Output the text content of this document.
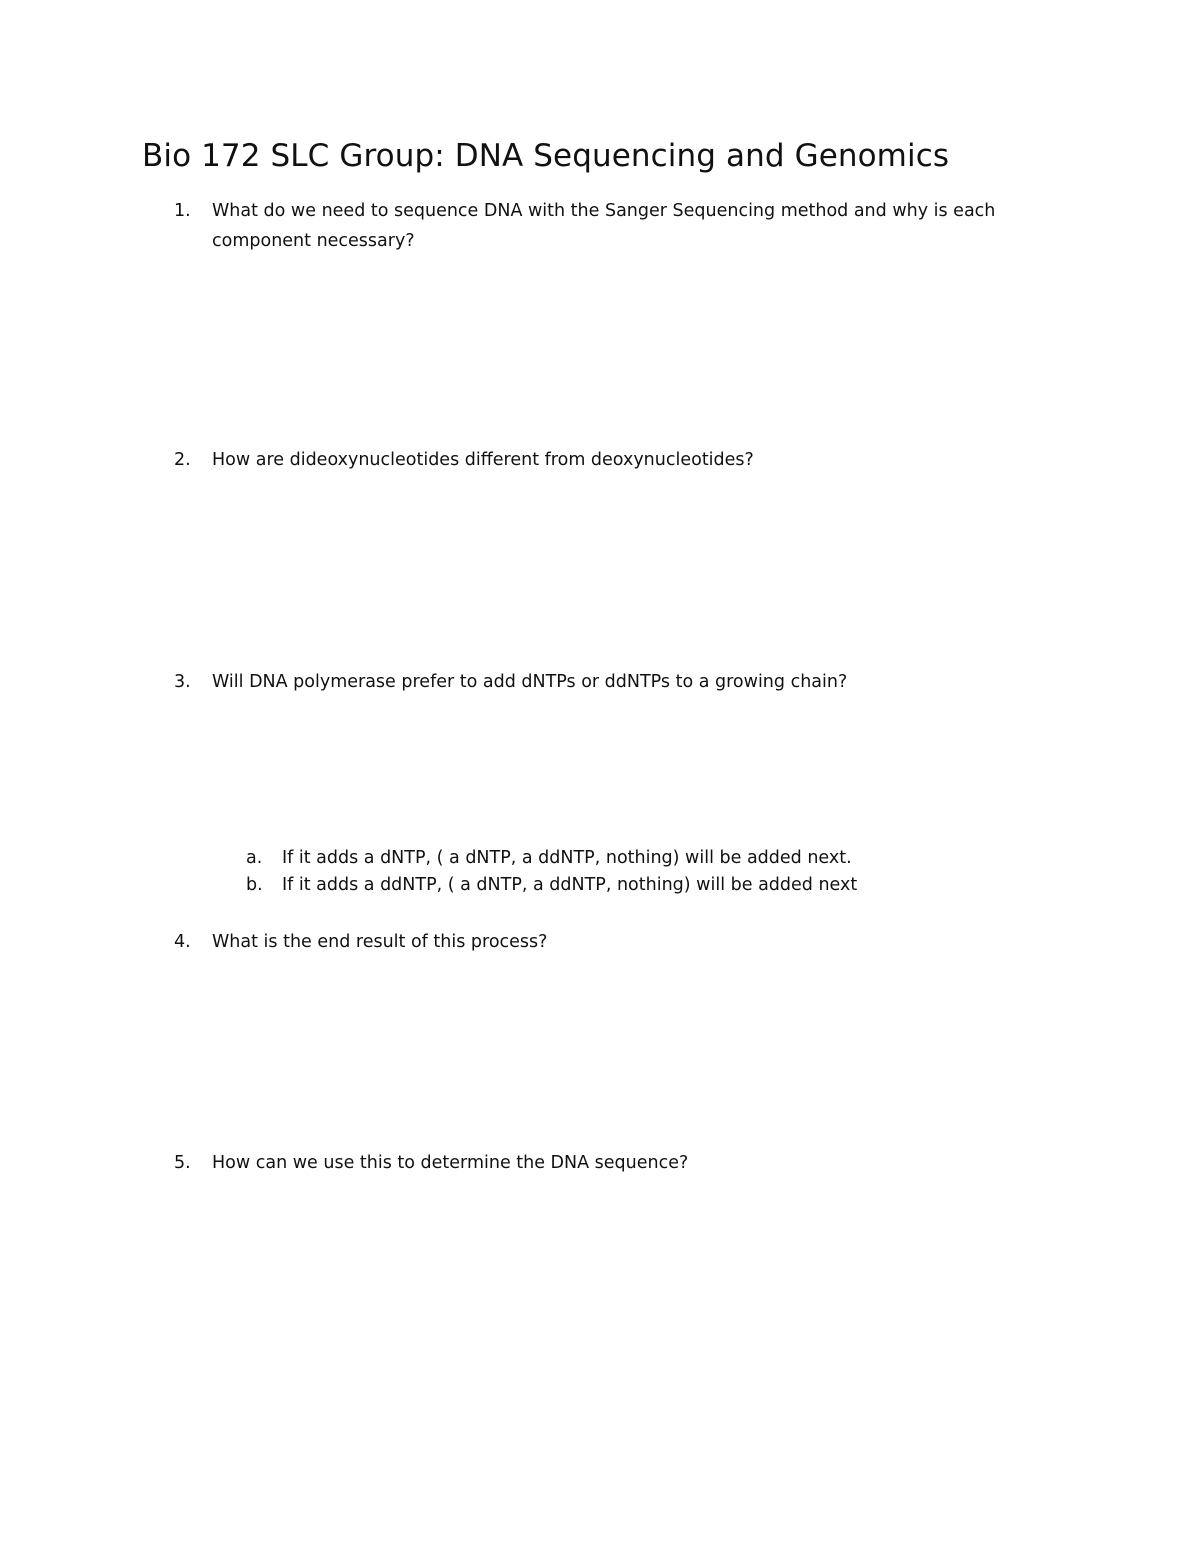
Bio 172 SLC Group: DNA Sequencing and Genomics
1. What do we need to sequence DNA with the Sanger Sequencing method and why is each component necessary?
2. How are dideoxynucleotides different from deoxynucleotides?
3. Will DNA polymerase prefer to add dNTPs or ddNTPs to a growing chain?
a. If it adds a dNTP, ( a dNTP, a ddNTP, nothing) will be added next.
b. If it adds a ddNTP, ( a dNTP, a ddNTP, nothing) will be added next
4. What is the end result of this process?
5. How can we use this to determine the DNA sequence?
